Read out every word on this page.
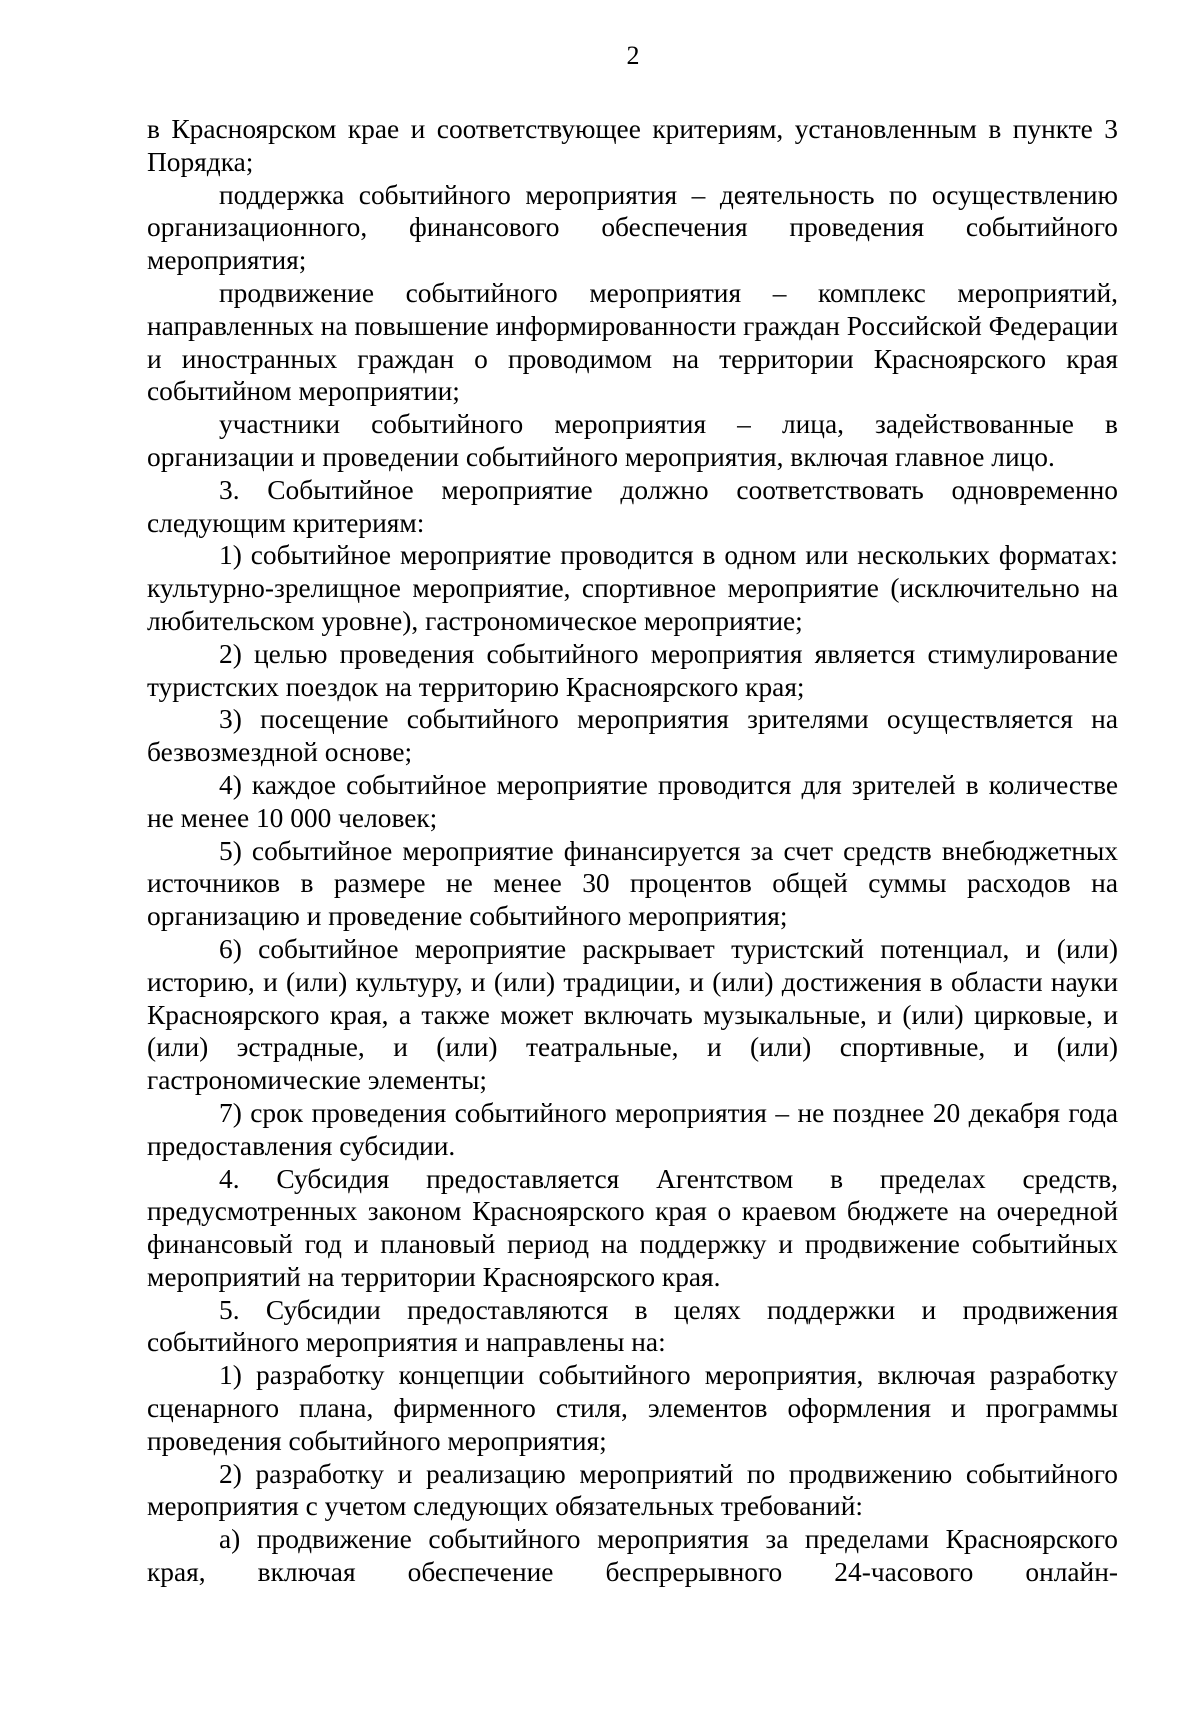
2

в Красноярском крае и соответствующее критериям, установленным в пункте 3 Порядка;

поддержка событийного мероприятия – деятельность по осуществлению организационного, финансового обеспечения проведения событийного мероприятия;

продвижение событийного мероприятия – комплекс мероприятий, направленных на повышение информированности граждан Российской Федерации и иностранных граждан о проводимом на территории Красноярского края событийном мероприятии;

участники событийного мероприятия – лица, задействованные в организации и проведении событийного мероприятия, включая главное лицо.

3. Событийное мероприятие должно соответствовать одновременно следующим критериям:

1) событийное мероприятие проводится в одном или нескольких форматах: культурно-зрелищное мероприятие, спортивное мероприятие (исключительно на любительском уровне), гастрономическое мероприятие;

2) целью проведения событийного мероприятия является стимулирование туристских поездок на территорию Красноярского края;

3) посещение событийного мероприятия зрителями осуществляется на безвозмездной основе;

4) каждое событийное мероприятие проводится для зрителей в количестве не менее 10 000 человек;

5) событийное мероприятие финансируется за счет средств внебюджетных источников в размере не менее 30 процентов общей суммы расходов на организацию и проведение событийного мероприятия;

6) событийное мероприятие раскрывает туристский потенциал, и (или) историю, и (или) культуру, и (или) традиции, и (или) достижения в области науки Красноярского края, а также может включать музыкальные, и (или) цирковые, и (или) эстрадные, и (или) театральные, и (или) спортивные, и (или) гастрономические элементы;

7) срок проведения событийного мероприятия – не позднее 20 декабря года предоставления субсидии.

4. Субсидия предоставляется Агентством в пределах средств, предусмотренных законом Красноярского края о краевом бюджете на очередной финансовый год и плановый период на поддержку и продвижение событийных мероприятий на территории Красноярского края.

5. Субсидии предоставляются в целях поддержки и продвижения событийного мероприятия и направлены на:

1) разработку концепции событийного мероприятия, включая разработку сценарного плана, фирменного стиля, элементов оформления и программы проведения событийного мероприятия;

2) разработку и реализацию мероприятий по продвижению событийного мероприятия с учетом следующих обязательных требований:

а) продвижение событийного мероприятия за пределами Красноярского края, включая обеспечение беспрерывного 24-часового онлайн-
